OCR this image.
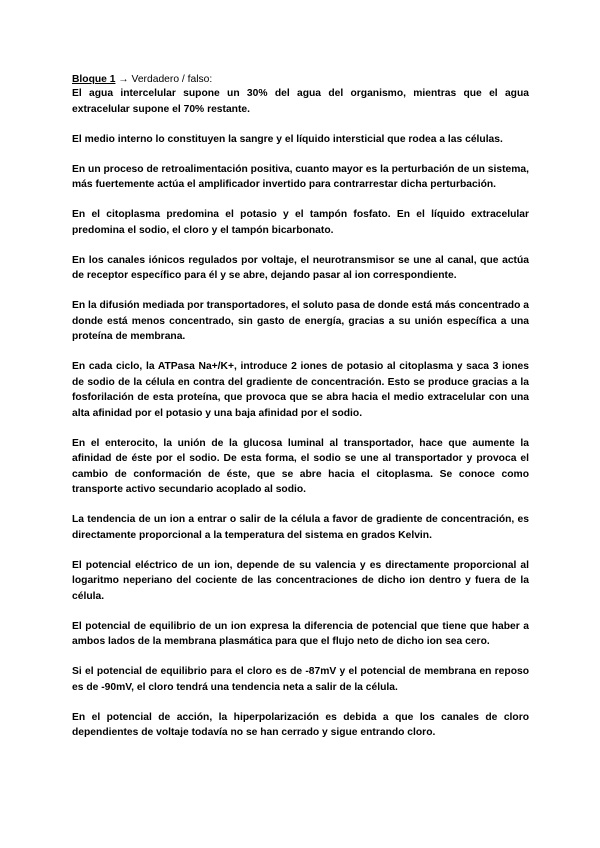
Bloque 1 → Verdadero / falso:

El agua intercelular supone un 30% del agua del organismo, mientras que el agua extracelular supone el 70% restante.

El medio interno lo constituyen la sangre y el líquido intersticial que rodea a las células.

En un proceso de retroalimentación positiva, cuanto mayor es la perturbación de un sistema, más fuertemente actúa el amplificador invertido para contrarrestar dicha perturbación.

En el citoplasma predomina el potasio y el tampón fosfato. En el líquido extracelular predomina el sodio, el cloro y el tampón bicarbonato.

En los canales iónicos regulados por voltaje, el neurotransmisor se une al canal, que actúa de receptor específico para él y se abre, dejando pasar al ion correspondiente.

En la difusión mediada por transportadores, el soluto pasa de donde está más concentrado a donde está menos concentrado, sin gasto de energía, gracias a su unión específica a una proteína de membrana.

En cada ciclo, la ATPasa Na+/K+, introduce 2 iones de potasio al citoplasma y saca 3 iones de sodio de la célula en contra del gradiente de concentración. Esto se produce gracias a la fosforilación de esta proteína, que provoca que se abra hacia el medio extracelular con una alta afinidad por el potasio y una baja afinidad por el sodio.

En el enterocito, la unión de la glucosa luminal al transportador, hace que aumente la afinidad de éste por el sodio. De esta forma, el sodio se une al transportador y provoca el cambio de conformación de éste, que se abre hacia el citoplasma. Se conoce como transporte activo secundario acoplado al sodio.

La tendencia de un ion a entrar o salir de la célula a favor de gradiente de concentración, es directamente proporcional a la temperatura del sistema en grados Kelvin.

El potencial eléctrico de un ion, depende de su valencia y es directamente proporcional al logaritmo neperiano del cociente de las concentraciones de dicho ion dentro y fuera de la célula.

El potencial de equilibrio de un ion expresa la diferencia de potencial que tiene que haber a ambos lados de la membrana plasmática para que el flujo neto de dicho ion sea cero.

Si el potencial de equilibrio para el cloro es de -87mV y el potencial de membrana en reposo es de -90mV, el cloro tendrá una tendencia neta a salir de la célula.

En el potencial de acción, la hiperpolarización es debida a que los canales de cloro dependientes de voltaje todavía no se han cerrado y sigue entrando cloro.
